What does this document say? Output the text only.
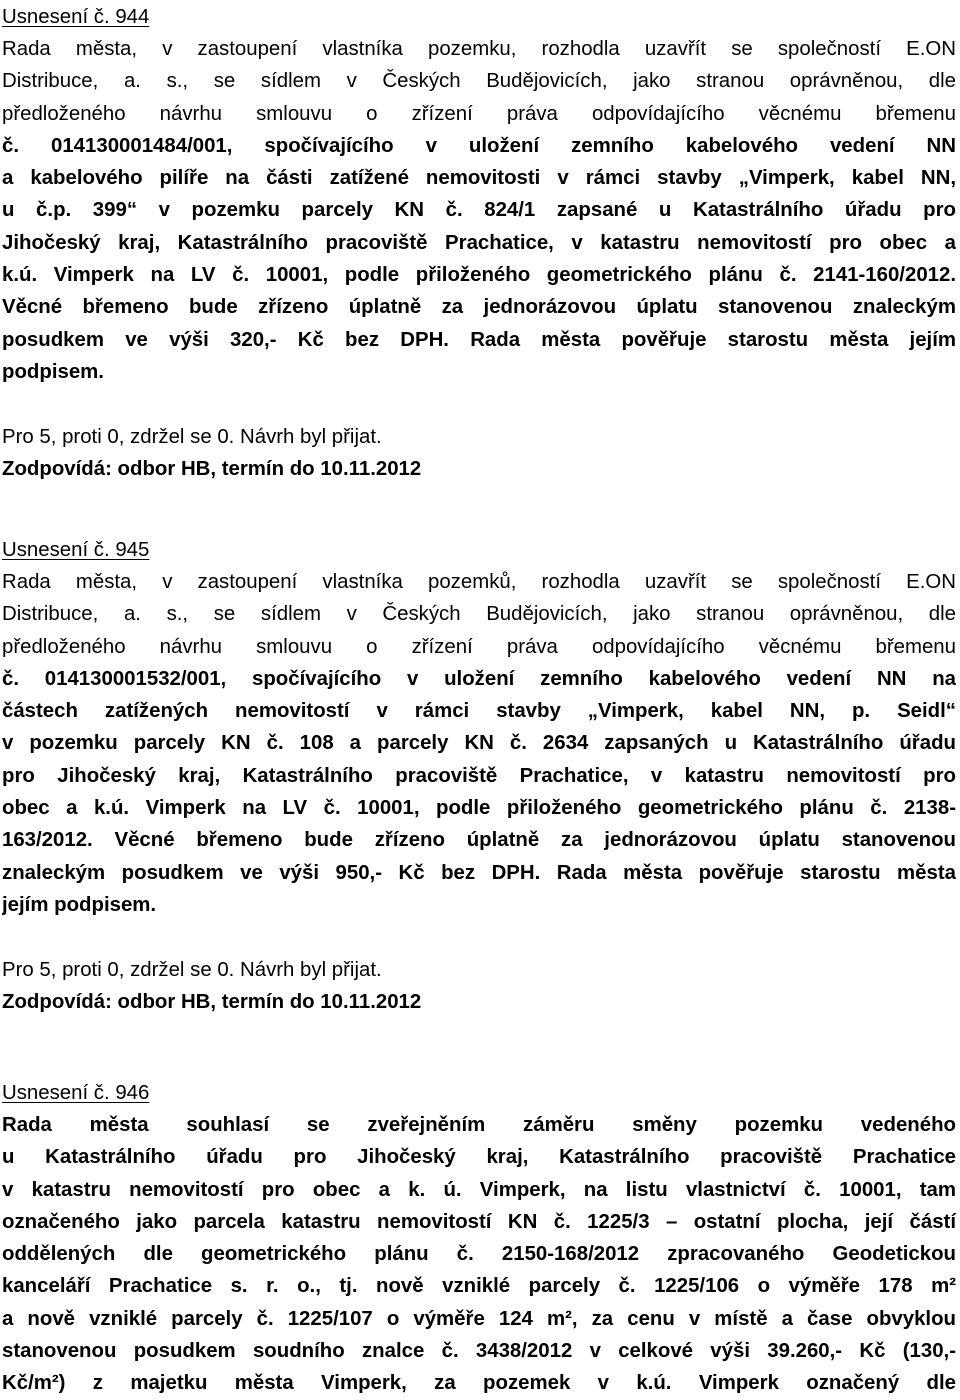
Usnesení č. 944
Rada města, v zastoupení vlastníka pozemku, rozhodla uzavřít se společností E.ON
Distribuce, a. s., se sídlem v Českých Budějovicích, jako stranou oprávněnou, dle
předloženého návrhu smlouvu o zřízení práva odpovídajícího věcnému břemenu
č. 014130001484/001, spočívajícího v uložení zemního kabelového vedení NN
a kabelového pilíře na části zatížené nemovitosti v rámci stavby „Vimperk, kabel NN,
u č.p. 399“ v pozemku parcely KN č. 824/1 zapsané u Katastrálního úřadu pro
Jihočeský kraj, Katastrálního pracoviště Prachatice, v katastru nemovitostí pro obec a
k.ú. Vimperk na LV č. 10001, podle přiloženého geometrického plánu č. 2141-160/2012.
Věcné břemeno bude zřízeno úplatně za jednorázovou úplatu stanovenou znaleckým
posudkem ve výši 320,- Kč bez DPH. Rada města pověřuje starostu města jejím
podpisem.
Pro 5, proti 0, zdržel se 0. Návrh byl přijat.
Zodpovídá: odbor HB, termín do 10.11.2012
Usnesení č. 945
Rada města, v zastoupení vlastníka pozemků, rozhodla uzavřít se společností E.ON
Distribuce, a. s., se sídlem v Českých Budějovicích, jako stranou oprávněnou, dle
předloženého návrhu smlouvu o zřízení práva odpovídajícího věcnému břemenu
č. 014130001532/001, spočívajícího v uložení zemního kabelového vedení NN na
částech zatížených nemovitostí v rámci stavby „Vimperk, kabel NN, p. Seidl“
v pozemku parcely KN č. 108 a parcely KN č. 2634 zapsaných u Katastrálního úřadu
pro Jihočeský kraj, Katastrálního pracoviště Prachatice, v katastru nemovitostí pro
obec a k.ú. Vimperk na LV č. 10001, podle přiloženého geometrického plánu č. 2138-
163/2012. Věcné břemeno bude zřízeno úplatně za jednorázovou úplatu stanovenou
znaleckým posudkem ve výši 950,- Kč bez DPH. Rada města pověřuje starostu města
jejím podpisem.
Pro 5, proti 0, zdržel se 0. Návrh byl přijat.
Zodpovídá: odbor HB, termín do 10.11.2012
Usnesení č. 946
Rada města souhlasí se zveřejněním záměru směny pozemku vedeného
u Katastrálního úřadu pro Jihočeský kraj, Katastrálního pracoviště Prachatice
v katastru nemovitostí pro obec a k. ú. Vimperk, na listu vlastnictví č. 10001, tam
označeného jako parcela katastru nemovitostí KN č. 1225/3 – ostatní plocha, její částí
oddělených dle geometrického plánu č. 2150-168/2012 zpracovaného Geodetickou
kanceláří Prachatice s. r. o., tj. nově vzniklé parcely č. 1225/106 o výměře 178 m²
a nově vzniklé parcely č. 1225/107 o výměře 124 m², za cenu v místě a čase obvyklou
stanovenou posudkem soudního znalce č. 3438/2012 v celkové výši 39.260,- Kč (130,-
Kč/m²) z majetku města Vimperk, za pozemek v k.ú. Vimperk označený dle
